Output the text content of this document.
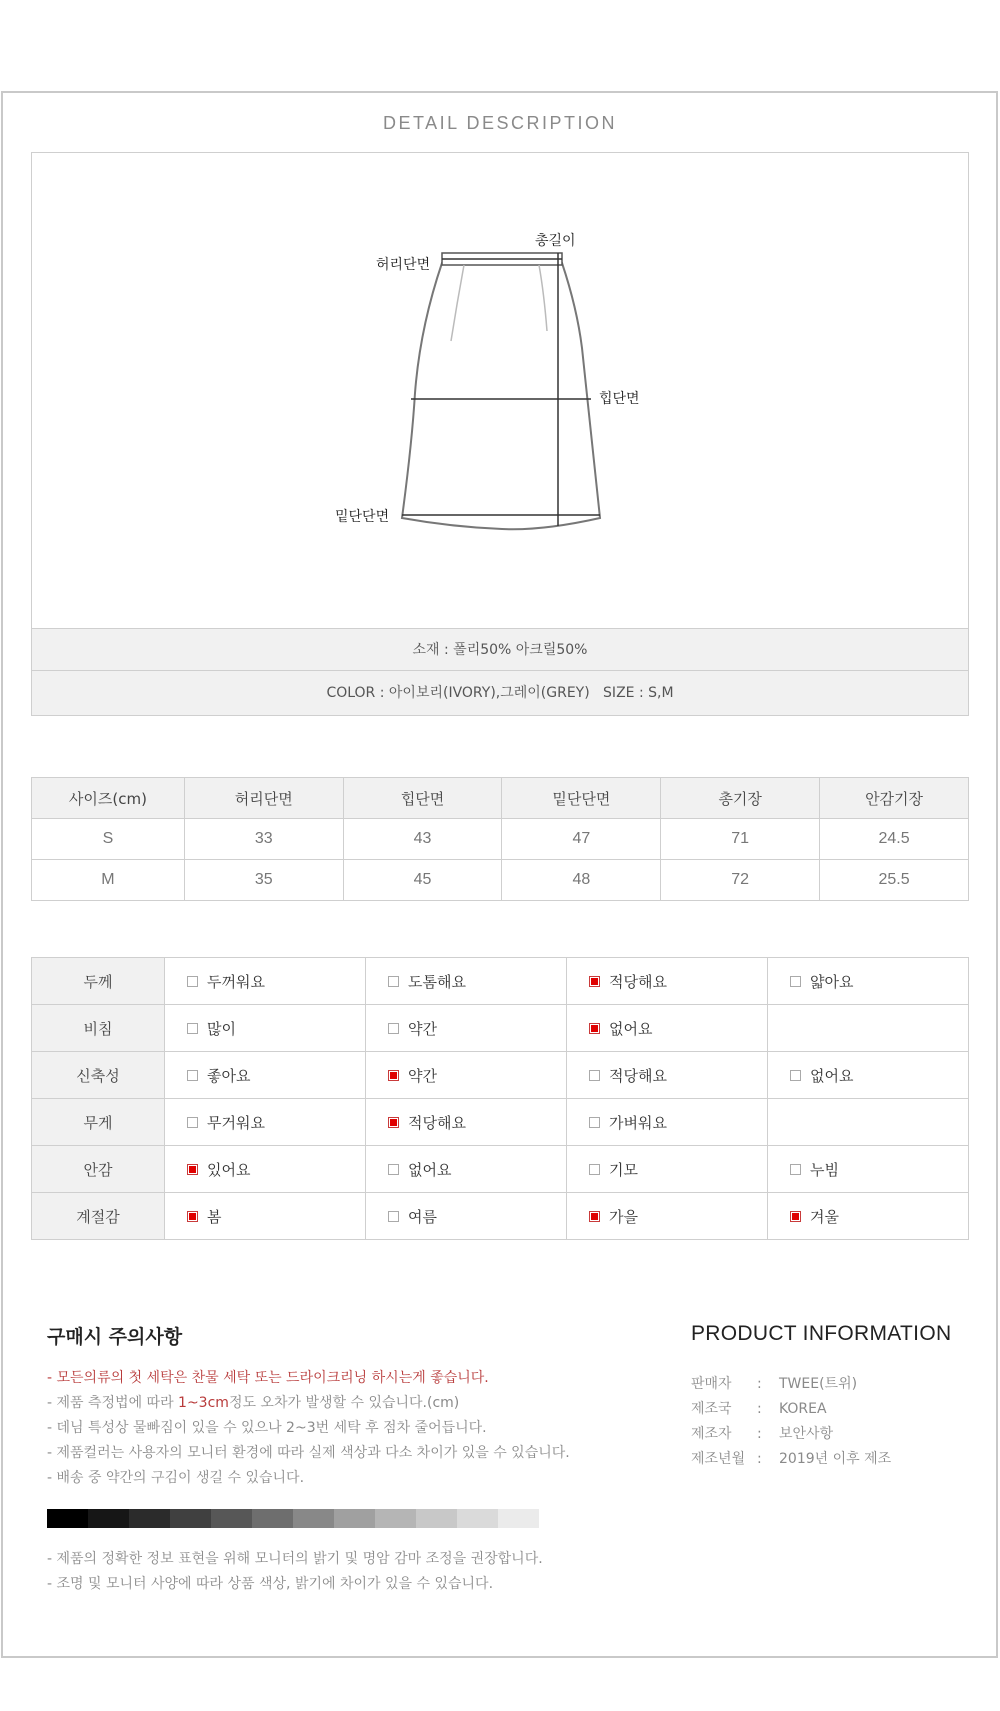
DETAIL DESCRIPTION
총길이
허리단면
힙단면
밑단단면
소재 : 폴리50% 아크릴50%
COLOR : 아이보리(IVORY),그레이(GREY)   SIZE : S,M
사이즈(cm)	허리단면	힙단면	밑단단면	총기장	안감기장
S	33	43	47	71	24.5
M	35	45	48	72	25.5
두께	두꺼워요	도톰해요	적당해요	얇아요
비침	많이	약간	없어요	
신축성	좋아요	약간	적당해요	없어요
무게	무거워요	적당해요	가벼워요	
안감	있어요	없어요	기모	누빔
계절감	봄	여름	가을	겨울
구매시 주의사항

- 모든의류의 첫 세탁은 찬물 세탁 또는 드라이크리닝 하시는게 좋습니다.

- 제품 측정법에 따라 1~3cm정도 오차가 발생할 수 있습니다.(cm)

- 데님 특성상 물빠짐이 있을 수 있으나 2~3번 세탁 후 점차 줄어듭니다.

- 제품컬러는 사용자의 모니터 환경에 따라 실제 색상과 다소 차이가 있을 수 있습니다.

- 배송 중 약간의 구김이 생길 수 있습니다.

- 제품의 정확한 정보 표현을 위해 모니터의 밝기 및 명암 감마 조정을 권장합니다.

- 조명 및 모니터 사양에 따라 상품 색상, 밝기에 차이가 있을 수 있습니다.

PRODUCT INFORMATION
판매자	:	TWEE(트위)
제조국	:	KOREA
제조자	:	보안사항
제조년월 :	2019년 이후 제조
